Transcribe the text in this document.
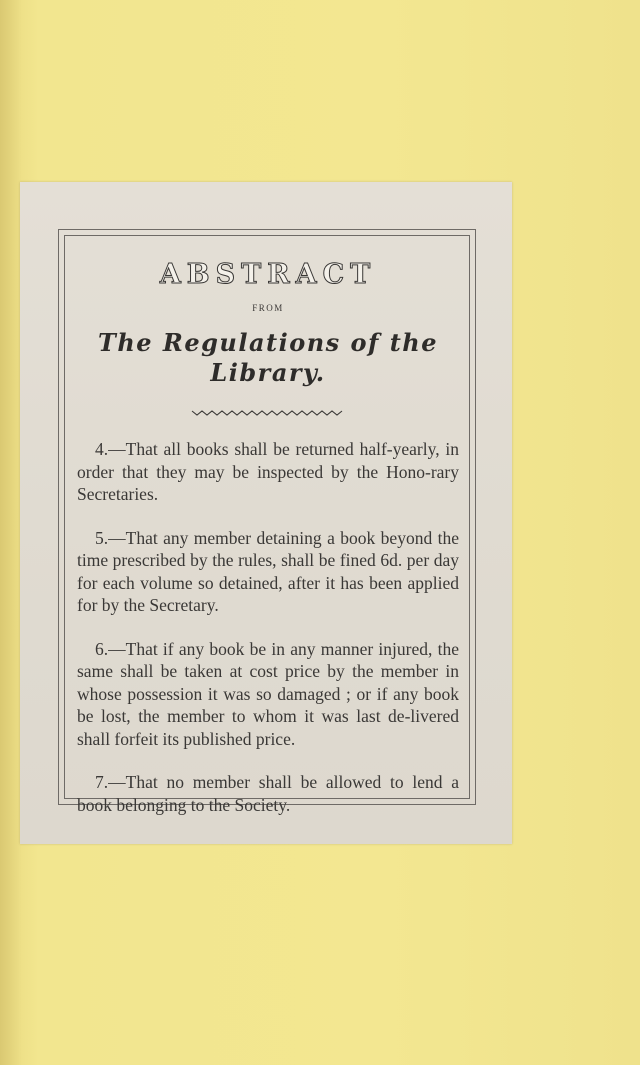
ABSTRACT
FROM
The Regulations of the Library.

4.—That all books shall be returned half-yearly, in order that they may be inspected by the Hono-rary Secretaries.

5.—That any member detaining a book beyond the time prescribed by the rules, shall be fined 6d. per day for each volume so detained, after it has been applied for by the Secretary.

6.—That if any book be in any manner injured, the same shall be taken at cost price by the member in whose possession it was so damaged ; or if any book be lost, the member to whom it was last de-livered shall forfeit its published price.

7.—That no member shall be allowed to lend a book belonging to the Society.
